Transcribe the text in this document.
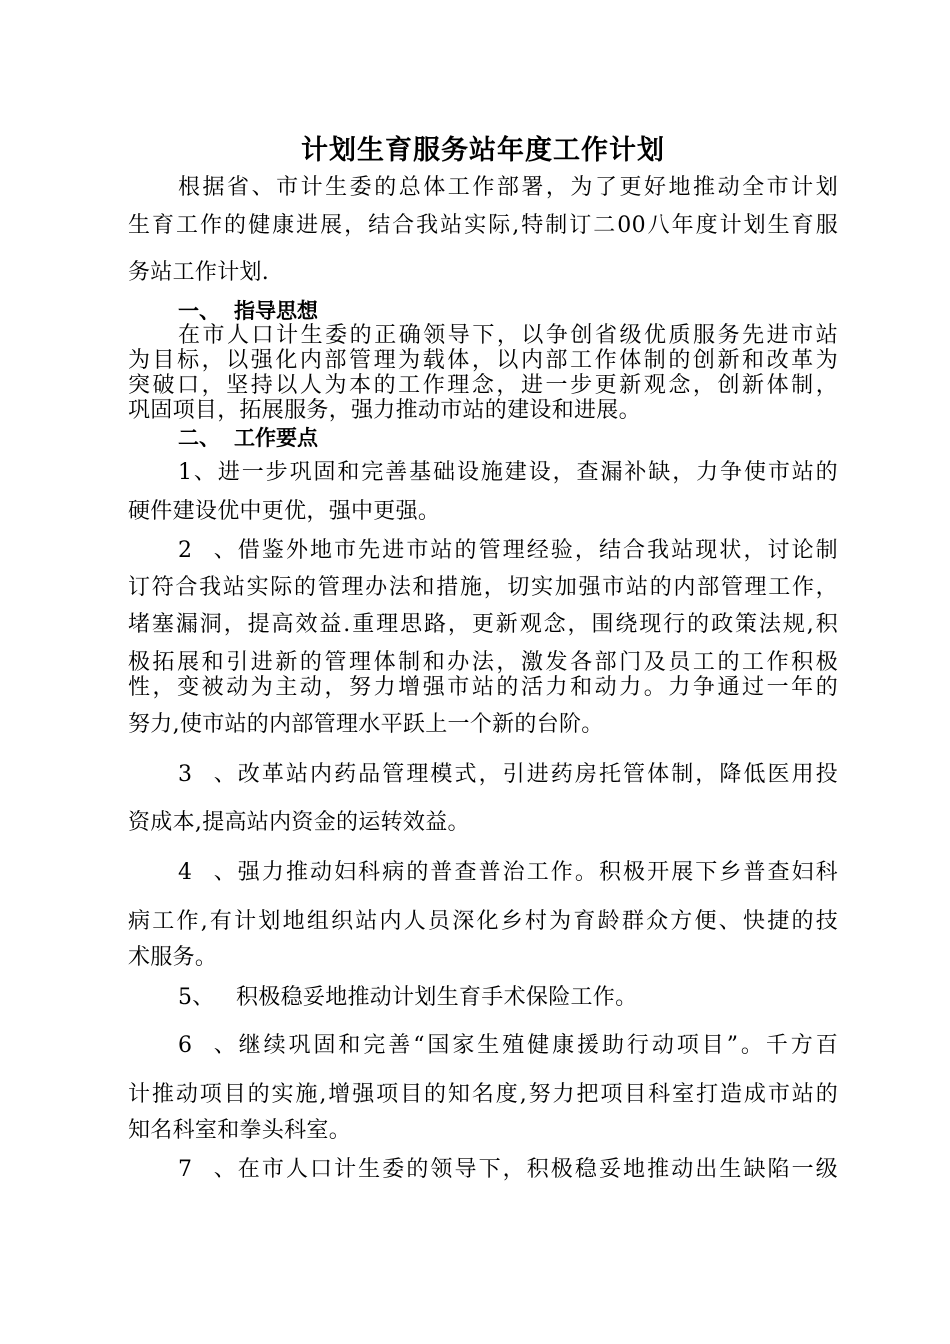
计划生育服务站年度工作计划
根据省、市计生委的总体工作部署，为了更好地推动全市计划
生育工作的健康进展，结合我站实际,特制订二00八年度计划生育服
务站工作计划.
一、 指导思想
在市人口计生委的正确领导下，以争创省级优质服务先进市站
为目标，以强化内部管理为载体，以内部工作体制的创新和改革为
突破口，坚持以人为本的工作理念，进一步更新观念，创新体制，
巩固项目，拓展服务，强力推动市站的建设和进展。
二、 工作要点
1、进一步巩固和完善基础设施建设，查漏补缺，力争使市站的
硬件建设优中更优，强中更强。
2、借鉴外地市先进市站的管理经验，结合我站现状，讨论制
订符合我站实际的管理办法和措施，切实加强市站的内部管理工作，
堵塞漏洞，提高效益.重理思路，更新观念，围绕现行的政策法规,积
极拓展和引进新的管理体制和办法，激发各部门及员工的工作积极
性，变被动为主动，努力增强市站的活力和动力。力争通过一年的
努力,使市站的内部管理水平跃上一个新的台阶。
3、改革站内药品管理模式，引进药房托管体制，降低医用投
资成本,提高站内资金的运转效益。
4、强力推动妇科病的普查普治工作。积极开展下乡普查妇科
病工作,有计划地组织站内人员深化乡村为育龄群众方便、快捷的技
术服务。
5、 积极稳妥地推动计划生育手术保险工作。
6、继续巩固和完善“国家生殖健康援助行动项目”。千方百
计推动项目的实施,增强项目的知名度,努力把项目科室打造成市站的
知名科室和拳头科室。
7、在市人口计生委的领导下，积极稳妥地推动出生缺陷一级
